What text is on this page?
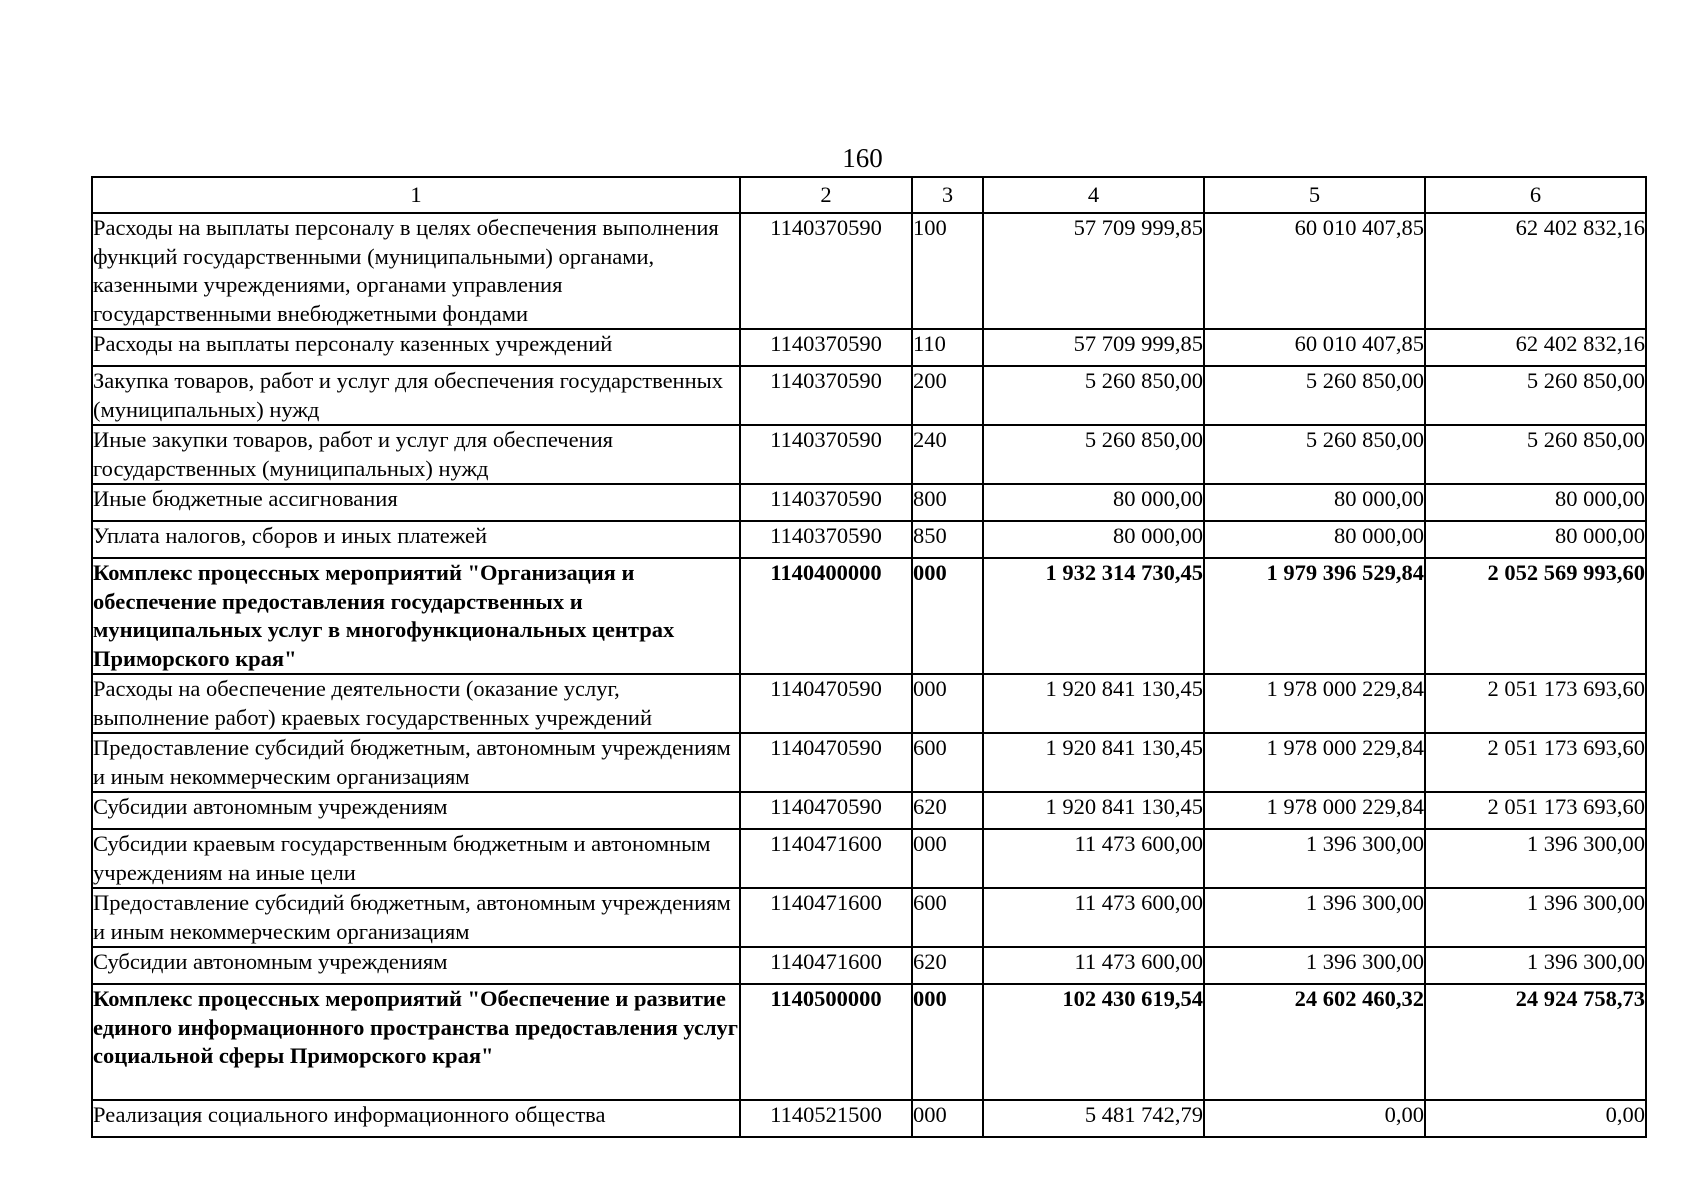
160
1	2	3	4	5	6
Расходы на выплаты персоналу в целях обеспечения выполнения функций государственными (муниципальными) органами, казенными учреждениями, органами управления государственными внебюджетными фондами	1140370590	100	57 709 999,85	60 010 407,85	62 402 832,16
Расходы на выплаты персоналу казенных учреждений	1140370590	110	57 709 999,85	60 010 407,85	62 402 832,16
Закупка товаров, работ и услуг для обеспечения государственных (муниципальных) нужд	1140370590	200	5 260 850,00	5 260 850,00	5 260 850,00
Иные закупки товаров, работ и услуг для обеспечения государственных (муниципальных) нужд	1140370590	240	5 260 850,00	5 260 850,00	5 260 850,00
Иные бюджетные ассигнования	1140370590	800	80 000,00	80 000,00	80 000,00
Уплата налогов, сборов и иных платежей	1140370590	850	80 000,00	80 000,00	80 000,00
Комплекс процессных мероприятий "Организация и обеспечение предоставления государственных и муниципальных услуг в многофункциональных центрах Приморского края"	1140400000	000	1 932 314 730,45	1 979 396 529,84	2 052 569 993,60
Расходы на обеспечение деятельности (оказание услуг, выполнение работ) краевых государственных учреждений	1140470590	000	1 920 841 130,45	1 978 000 229,84	2 051 173 693,60
Предоставление субсидий бюджетным, автономным учреждениям и иным некоммерческим организациям	1140470590	600	1 920 841 130,45	1 978 000 229,84	2 051 173 693,60
Субсидии автономным учреждениям	1140470590	620	1 920 841 130,45	1 978 000 229,84	2 051 173 693,60
Субсидии краевым государственным бюджетным и автономным учреждениям на иные цели	1140471600	000	11 473 600,00	1 396 300,00	1 396 300,00
Предоставление субсидий бюджетным, автономным учреждениям и иным некоммерческим организациям	1140471600	600	11 473 600,00	1 396 300,00	1 396 300,00
Субсидии автономным учреждениям	1140471600	620	11 473 600,00	1 396 300,00	1 396 300,00
Комплекс процессных мероприятий "Обеспечение и развитие единого информационного пространства предоставления услуг социальной сферы Приморского края"	1140500000	000	102 430 619,54	24 602 460,32	24 924 758,73
Реализация социального информационного общества	1140521500	000	5 481 742,79	0,00	0,00
